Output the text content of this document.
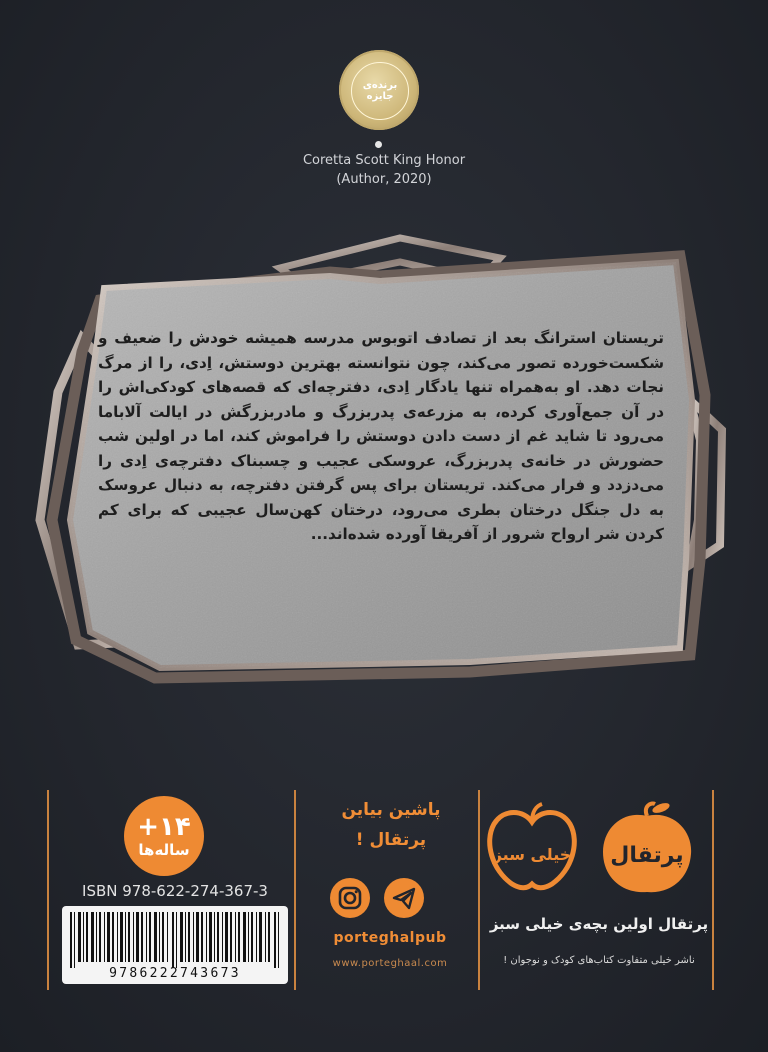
برنده‌ی جایزه
Coretta Scott King Honor
(Author, 2020)
تریستان استرانگ بعد از تصادف اتوبوس مدرسه همیشه خودش را ضعیف و شکست‌خورده تصور می‌کند، چون نتوانسته بهترین دوستش، اِدی، را از مرگ نجات دهد. او به‌همراه تنها یادگار اِدی، دفترچه‌ای که قصه‌های کودکی‌اش را در آن جمع‌آوری کرده، به مزرعه‌ی پدربزرگ و مادربزرگش در ایالت آلاباما می‌رود تا شاید غم از دست دادن دوستش را فراموش کند، اما در اولین شب حضورش در خانه‌ی پدربزرگ، عروسکی عجیب و چسبناک دفترچه‌ی اِدی را می‌دزدد و فرار می‌کند. تریستان برای پس گرفتن دفترچه، به دنبال عروسک به دل جنگل درختان بطری می‌رود، درختان کهن‌سال عجیبی که برای کم کردن شر ارواح شرور از آفریقا آورده شده‌اند...
+۱۴
ساله‌ها
ISBN 978-622-274-367-3
9786222743673
پاشین بیاین
پرتقال !
porteghalpub
www.porteghaal.com
پرتقال
خیلی سبز
پرتقال اولین بچه‌ی خیلی سبز
ناشر خیلی متفاوت کتاب‌های کودک و نوجوان !
